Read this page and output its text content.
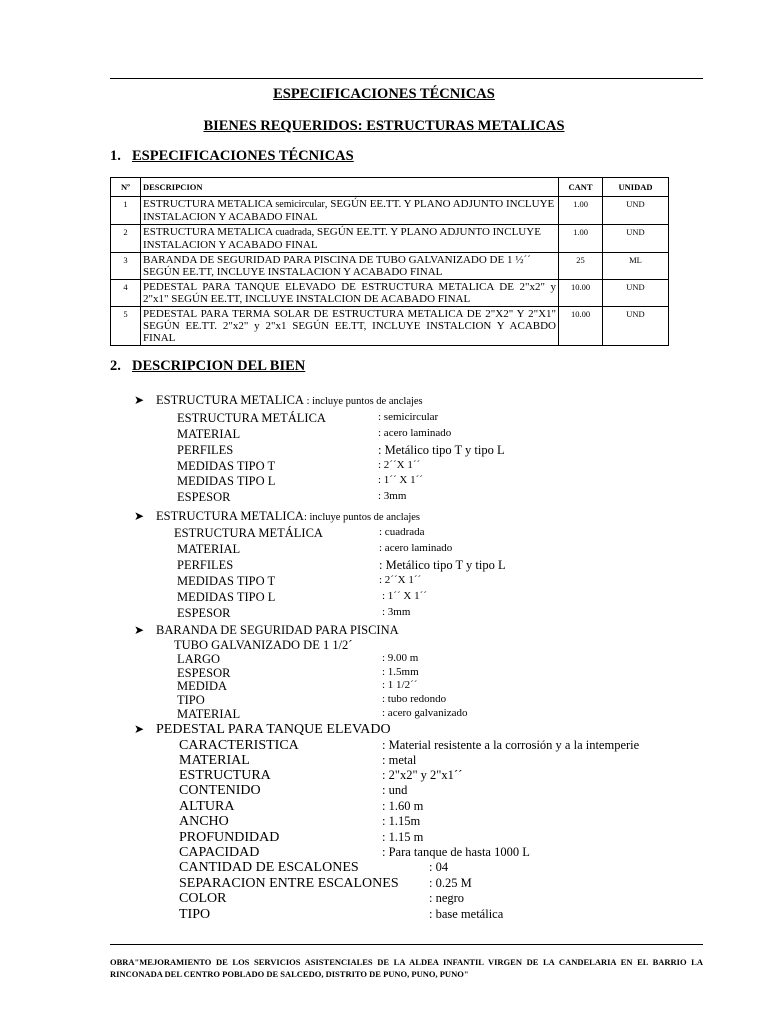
ESPECIFICACIONES TÉCNICAS
BIENES REQUERIDOS: ESTRUCTURAS METALICAS
1. ESPECIFICACIONES TÉCNICAS
Nº	DESCRIPCION	CANT	UNIDAD
1	ESTRUCTURA METALICA semicircular, SEGÚN EE.TT. Y PLANO ADJUNTO INCLUYE INSTALACION Y ACABADO FINAL	1.00	UND
2	ESTRUCTURA METALICA cuadrada, SEGÚN EE.TT. Y PLANO ADJUNTO INCLUYE INSTALACION Y ACABADO FINAL	1.00	UND
3	BARANDA DE SEGURIDAD PARA PISCINA DE TUBO GALVANIZADO DE 1 ½´´ SEGÚN EE.TT, INCLUYE INSTALACION Y ACABADO FINAL	25	ML
4	PEDESTAL PARA TANQUE ELEVADO DE ESTRUCTURA METALICA DE 2"x2" y 2"x1" SEGÚN EE.TT, INCLUYE INSTALCION DE ACABADO FINAL	10.00	UND
5	PEDESTAL PARA TERMA SOLAR DE ESTRUCTURA METALICA DE 2"X2" Y 2"X1" SEGÚN EE.TT. 2"x2" y 2"x1 SEGÚN EE.TT, INCLUYE INSTALCION Y ACABDO FINAL	10.00	UND
2. DESCRIPCION DEL BIEN
➤ ESTRUCTURA METALICA : incluye puntos de anclajes
ESTRUCTURA METÁLICA	: semicircular
MATERIAL	: acero laminado
PERFILES	: Metálico tipo T y tipo L
MEDIDAS TIPO T	: 2´´X 1´´
MEDIDAS TIPO L	: 1´´ X 1´´
ESPESOR	: 3mm
➤ ESTRUCTURA METALICA: incluye puntos de anclajes
ESTRUCTURA METÁLICA	: cuadrada
MATERIAL	: acero laminado
PERFILES	: Metálico tipo T y tipo L
MEDIDAS TIPO T	: 2´´X 1´´
MEDIDAS TIPO L	: 1´´ X 1´´
ESPESOR	: 3mm
➤ BARANDA DE SEGURIDAD PARA PISCINA
TUBO GALVANIZADO DE 1 1/2´
LARGO	: 9.00 m
ESPESOR	: 1.5mm
MEDIDA	: 1 1/2´´
TIPO	: tubo redondo
MATERIAL	: acero galvanizado
➤ PEDESTAL PARA TANQUE ELEVADO
CARACTERISTICA	: Material resistente a la corrosión y a la intemperie
MATERIAL	: metal
ESTRUCTURA	: 2"x2" y 2"x1´´
CONTENIDO	: und
ALTURA	: 1.60 m
ANCHO	: 1.15m
PROFUNDIDAD	: 1.15 m
CAPACIDAD	: Para tanque de hasta 1000 L
CANTIDAD DE ESCALONES	: 04
SEPARACION ENTRE ESCALONES : 0.25 M
COLOR	: negro
TIPO	: base metálica
OBRA"MEJORAMIENTO DE LOS SERVICIOS ASISTENCIALES DE LA ALDEA INFANTIL VIRGEN DE LA CANDELARIA EN EL BARRIO LA RINCONADA DEL CENTRO POBLADO DE SALCEDO, DISTRITO DE PUNO, PUNO, PUNO"
